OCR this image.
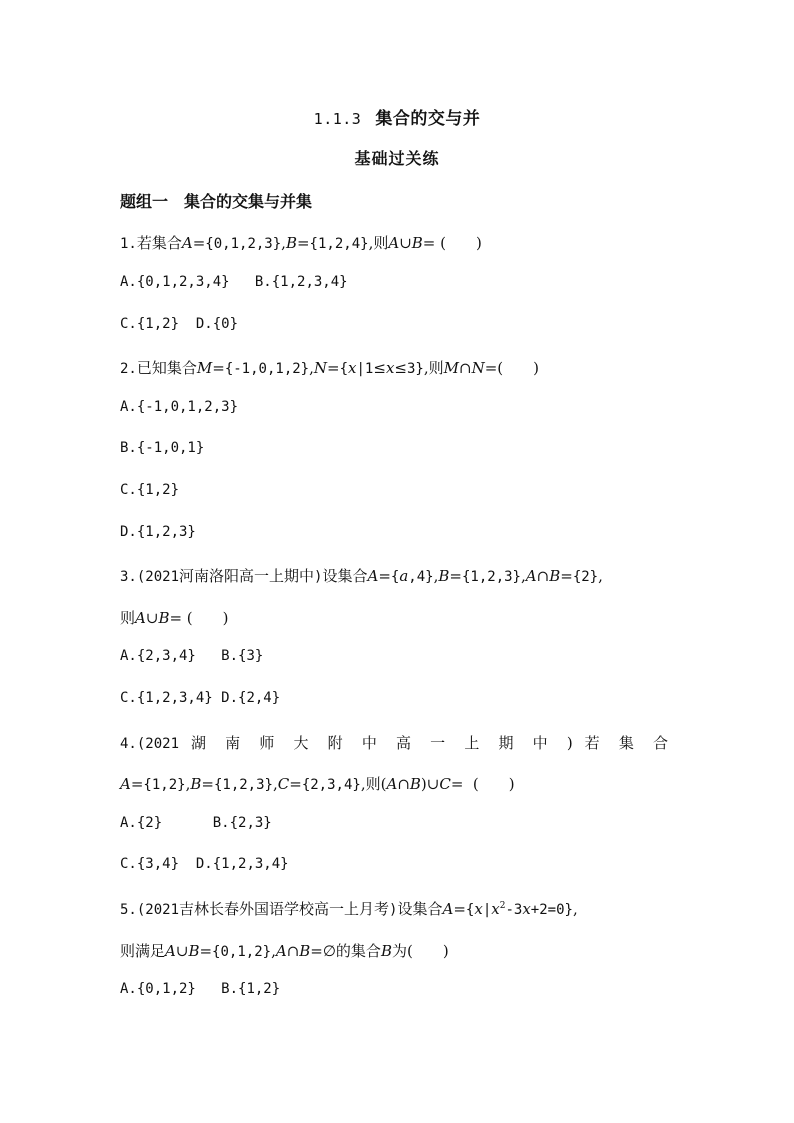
1.1.3 集合的交与并
基础过关练
题组一　集合的交集与并集
1.若集合A={0,1,2,3},B={1,2,4},则A∪B= (　　)
A.{0,1,2,3,4} B.{1,2,3,4}
C.{1,2} D.{0}
2.已知集合M={-1,0,1,2},N={x|1≤x≤3},则M∩N=(　　)
A.{-1,0,1,2,3}
B.{-1,0,1}
C.{1,2}
D.{1,2,3}
3.(2021河南洛阳高一上期中)设集合A={a,4},B={1,2,3},A∩B={2},
则A∪B= (　　)
A.{2,3,4} B.{3}
C.{1,2,3,4} D.{2,4}
4.(2021 湖 南 师 大 附 中 高 一 上 期 中 ) 若 集 合
A={1,2},B={1,2,3},C={2,3,4},则(A∩B)∪C=  (　　)
A.{2}	B.{2,3}
C.{3,4} D.{1,2,3,4}
5.(2021吉林长春外国语学校高一上月考)设集合$A=\{x|x^2-3x+2=0\}$,
则满足A∪B={0,1,2},A∩B=∅的集合B为(　　)
A.{0,1,2} B.{1,2}
